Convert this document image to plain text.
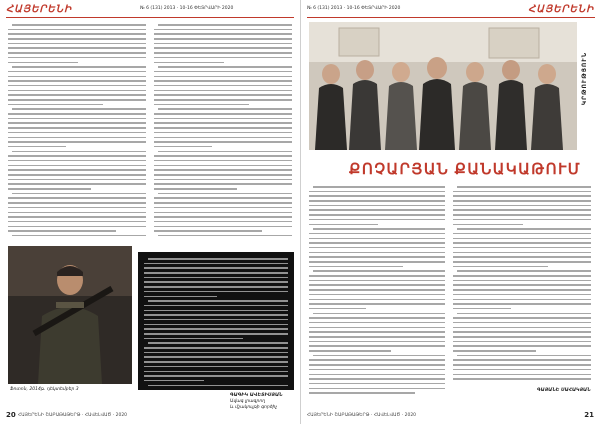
ՀԱՅԵՐԵՆԻ	№ 6 (131) 2013 · 10-16 ՓԵՏՐՎԱՐԻ 2020
Ֆոտոն, 2014թ. դեկտեմբեր 3
ԳԱԳԻԿ ԱՎԵՏԻՍՅԱՆ
Ավագ լրագրող
և մշակույթի գործիչ
ՀԱՅԵՐԵՆԻ ՇԱԲԱԹԱԹԵՐԹ · ՀԱՎԵԼՎԱԾ · 2020
20
№ 6 (131) 2013 · 10-16 ՓԵՏՐՎԱՐԻ 2020	ՀԱՅԵՐԵՆԻ
ԿՐԹՈՒԹՅՈՒՆ
ՔՈՉԱՐՅԱՆ ՔԱՆԱԿԱԹՈՒՄ
ԳԱՅԱՆԵ ՍԱՀԱԿՅԱՆ
ՀԱՅԵՐԵՆԻ ՇԱԲԱԹԱԹԵՐԹ · ՀԱՎԵԼՎԱԾ · 2020	21
